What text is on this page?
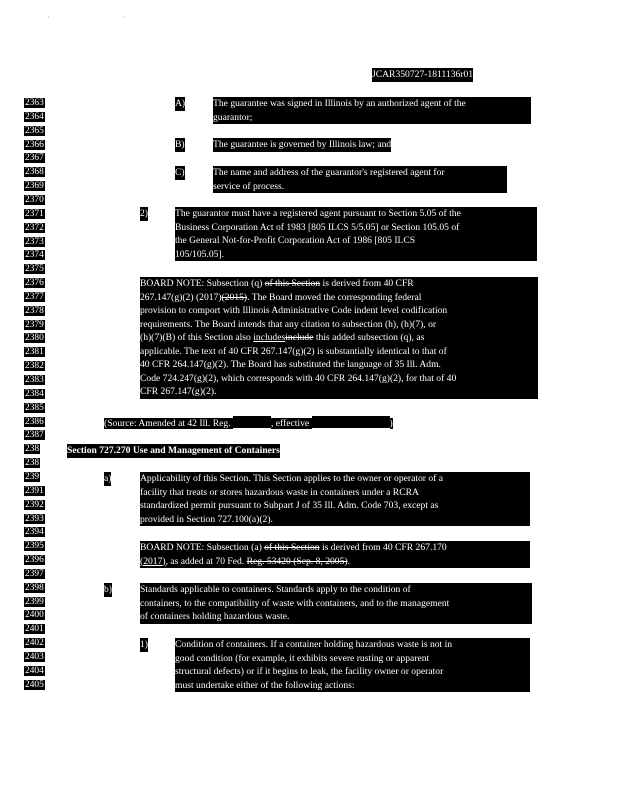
' '
JCAR350727-1811136r01
2363
2364
2365
2366
2367
2368
2369
2370
2371
2372
2373
2374
2375
2376
2377
2378
2379
2380
2381
2382
2383
2384
2385
2386
2387
238
238
239
2391
2392
2393
2394
2395
2396
2397
2398
2399
2400
2401
2402
2403
2404
2405
A)	The guarantee was signed in Illinois by an authorized agent of the
guarantor;
B)	The guarantee is governed by Illinois law; and
C)	The name and address of the guarantor's registered agent for
service of process.
2)	The guarantor must have a registered agent pursuant to Section 5.05 of the
Business Corporation Act of 1983 [805 ILCS 5/5.05] or Section 105.05 of
the General Not-for-Profit Corporation Act of 1986 [805 ILCS
105/105.05].
BOARD NOTE: Subsection (q) of this Section is derived from 40 CFR
267.147(g)(2) (2017)(2015). The Board moved the corresponding federal
provision to comport with Illinois Administrative Code indent level codification
requirements. The Board intends that any citation to subsection (h), (h)(7), or
(h)(7)(B) of this Section also includesinclude this added subsection (q), as
applicable. The text of 40 CFR 267.147(g)(2) is substantially identical to that of
40 CFR 264.147(g)(2). The Board has substituted the language of 35 Ill. Adm.
Code 724.247(g)(2), which corresponds with 40 CFR 264.147(g)(2), for that of 40
CFR 267.147(g)(2).
(Source: Amended at 42 Ill. Reg.	, effective	)
Section 727.270 Use and Management of Containers
a)	Applicability of this Section. This Section applies to the owner or operator of a
facility that treats or stores hazardous waste in containers under a RCRA
standardized permit pursuant to Subpart J of 35 Ill. Adm. Code 703, except as
provided in Section 727.100(a)(2).
BOARD NOTE: Subsection (a) of this Section is derived from 40 CFR 267.170
(2017), as added at 70 Fed. Reg. 53420 (Sep. 8, 2005).
b)	Standards applicable to containers. Standards apply to the condition of
containers, to the compatibility of waste with containers, and to the management
of containers holding hazardous waste.
1)	Condition of containers. If a container holding hazardous waste is not in
good condition (for example, it exhibits severe rusting or apparent
structural defects) or if it begins to leak, the facility owner or operator
must undertake either of the following actions:
